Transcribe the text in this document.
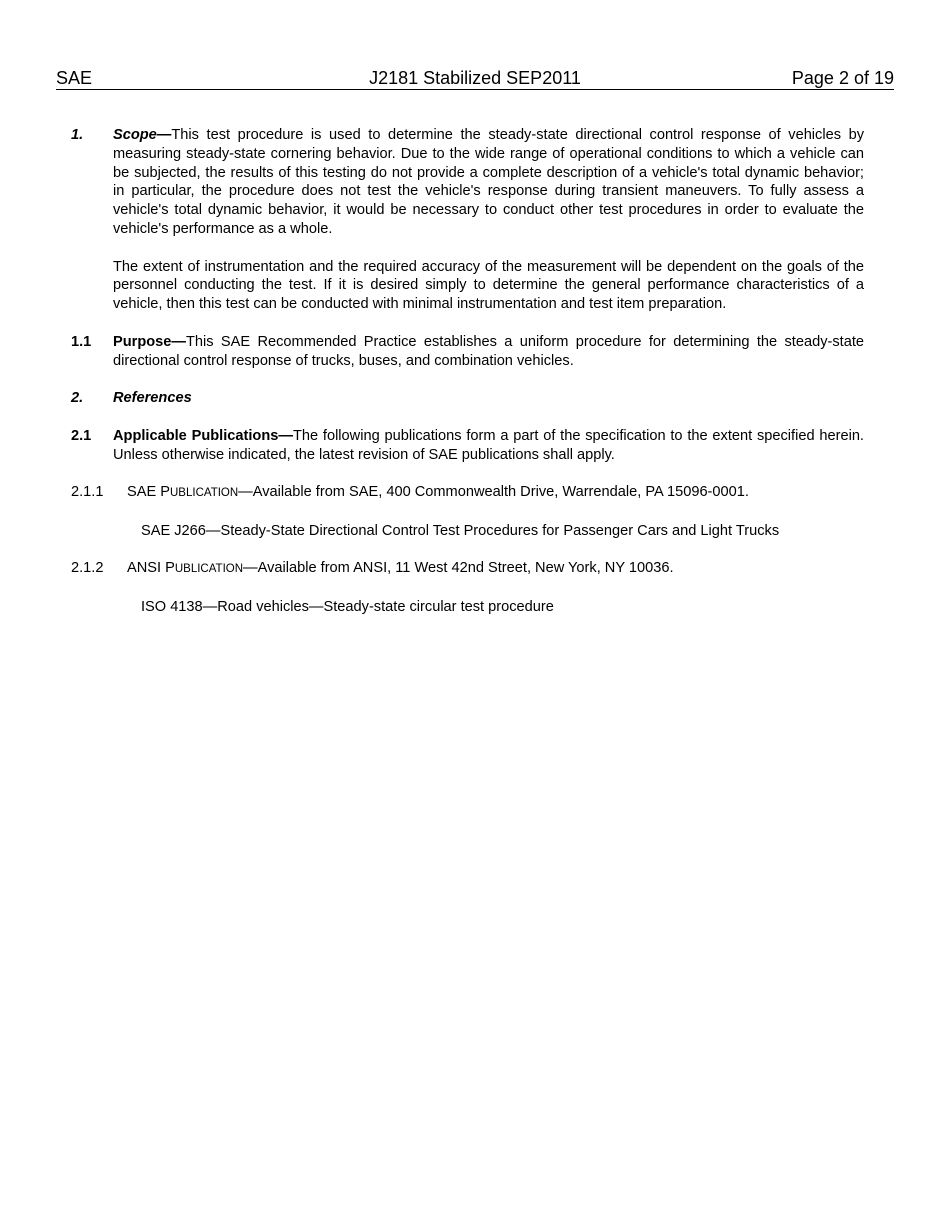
SAE	J2181 Stabilized SEP2011	Page 2 of 19
1. Scope—This test procedure is used to determine the steady-state directional control response of vehicles by measuring steady-state cornering behavior. Due to the wide range of operational conditions to which a vehicle can be subjected, the results of this testing do not provide a complete description of a vehicle's total dynamic behavior; in particular, the procedure does not test the vehicle's response during transient maneuvers. To fully assess a vehicle's total dynamic behavior, it would be necessary to conduct other test procedures in order to evaluate the vehicle's performance as a whole.
The extent of instrumentation and the required accuracy of the measurement will be dependent on the goals of the personnel conducting the test. If it is desired simply to determine the general performance characteristics of a vehicle, then this test can be conducted with minimal instrumentation and test item preparation.
1.1 Purpose—This SAE Recommended Practice establishes a uniform procedure for determining the steady-state directional control response of trucks, buses, and combination vehicles.
2. References
2.1 Applicable Publications—The following publications form a part of the specification to the extent specified herein. Unless otherwise indicated, the latest revision of SAE publications shall apply.
2.1.1 SAE PUBLICATION—Available from SAE, 400 Commonwealth Drive, Warrendale, PA 15096-0001.
SAE J266—Steady-State Directional Control Test Procedures for Passenger Cars and Light Trucks
2.1.2 ANSI PUBLICATION—Available from ANSI, 11 West 42nd Street, New York, NY 10036.
ISO 4138—Road vehicles—Steady-state circular test procedure
